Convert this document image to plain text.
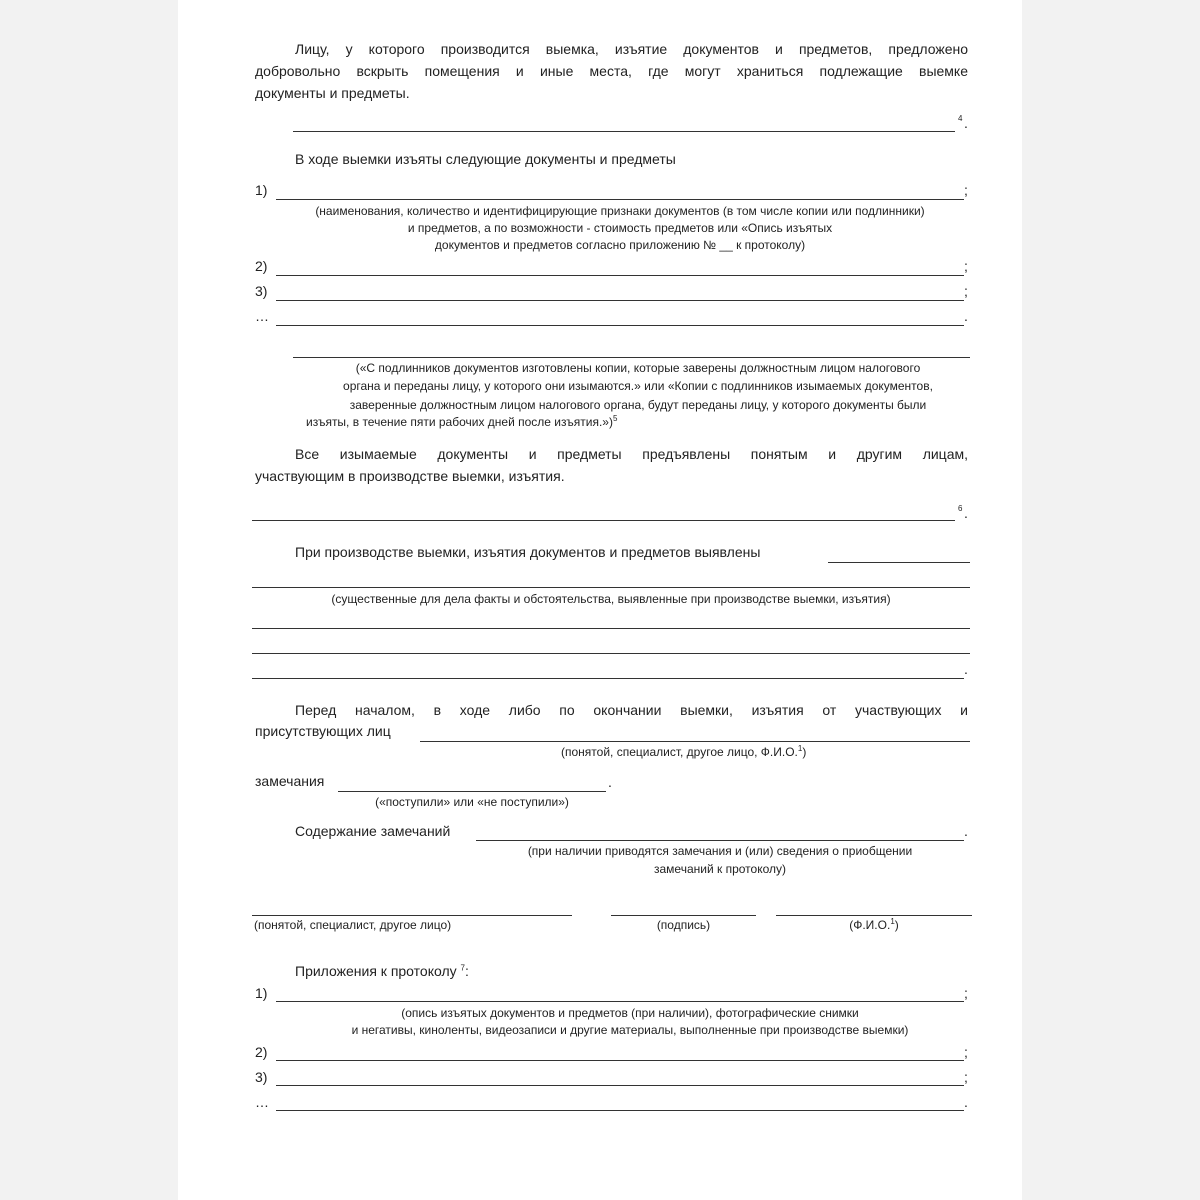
Лицу, у которого производится выемка, изъятие документов и предметов, предложено
добровольно вскрыть помещения и иные места, где могут храниться подлежащие выемке
документы и предметы.
4 .
В ходе выемки изъяты следующие документы и предметы
1)	;
(наименования, количество и идентифицирующие признаки документов (в том числе копии или подлинники)
и предметов, а по возможности - стоимость предметов или «Опись изъятых
документов и предметов согласно приложению № __ к протоколу)
2)	;
3)	;
…	.
(«С подлинников документов изготовлены копии, которые заверены должностным лицом налогового
органа и переданы лицу, у которого они изымаются.» или «Копии с подлинников изымаемых документов,
заверенные должностным лицом налогового органа, будут переданы лицу, у которого документы были
изъяты, в течение пяти рабочих дней после изъятия.»)$^5$
Все изымаемые документы и предметы предъявлены понятым и другим лицам,
участвующим в производстве выемки, изъятия.
6 .
При производстве выемки, изъятия документов и предметов выявлены
(существенные для дела факты и обстоятельства, выявленные при производстве выемки, изъятия)
.
Перед началом, в ходе либо по окончании выемки, изъятия от участвующих и
присутствующих лиц
(понятой, специалист, другое лицо, Ф.И.О.$^1$)
замечания	.
(«поступили» или «не поступили»)
Содержание замечаний	.
(при наличии приводятся замечания и (или) сведения о приобщении
замечаний к протоколу)
(понятой, специалист, другое лицо)	(подпись)	(Ф.И.О.$^1$)
Приложения к протоколу $^7$:
1)	;
(опись изъятых документов и предметов (при наличии), фотографические снимки
и негативы, киноленты, видеозаписи и другие материалы, выполненные при производстве выемки)
2)	;
3)	;
…	.
